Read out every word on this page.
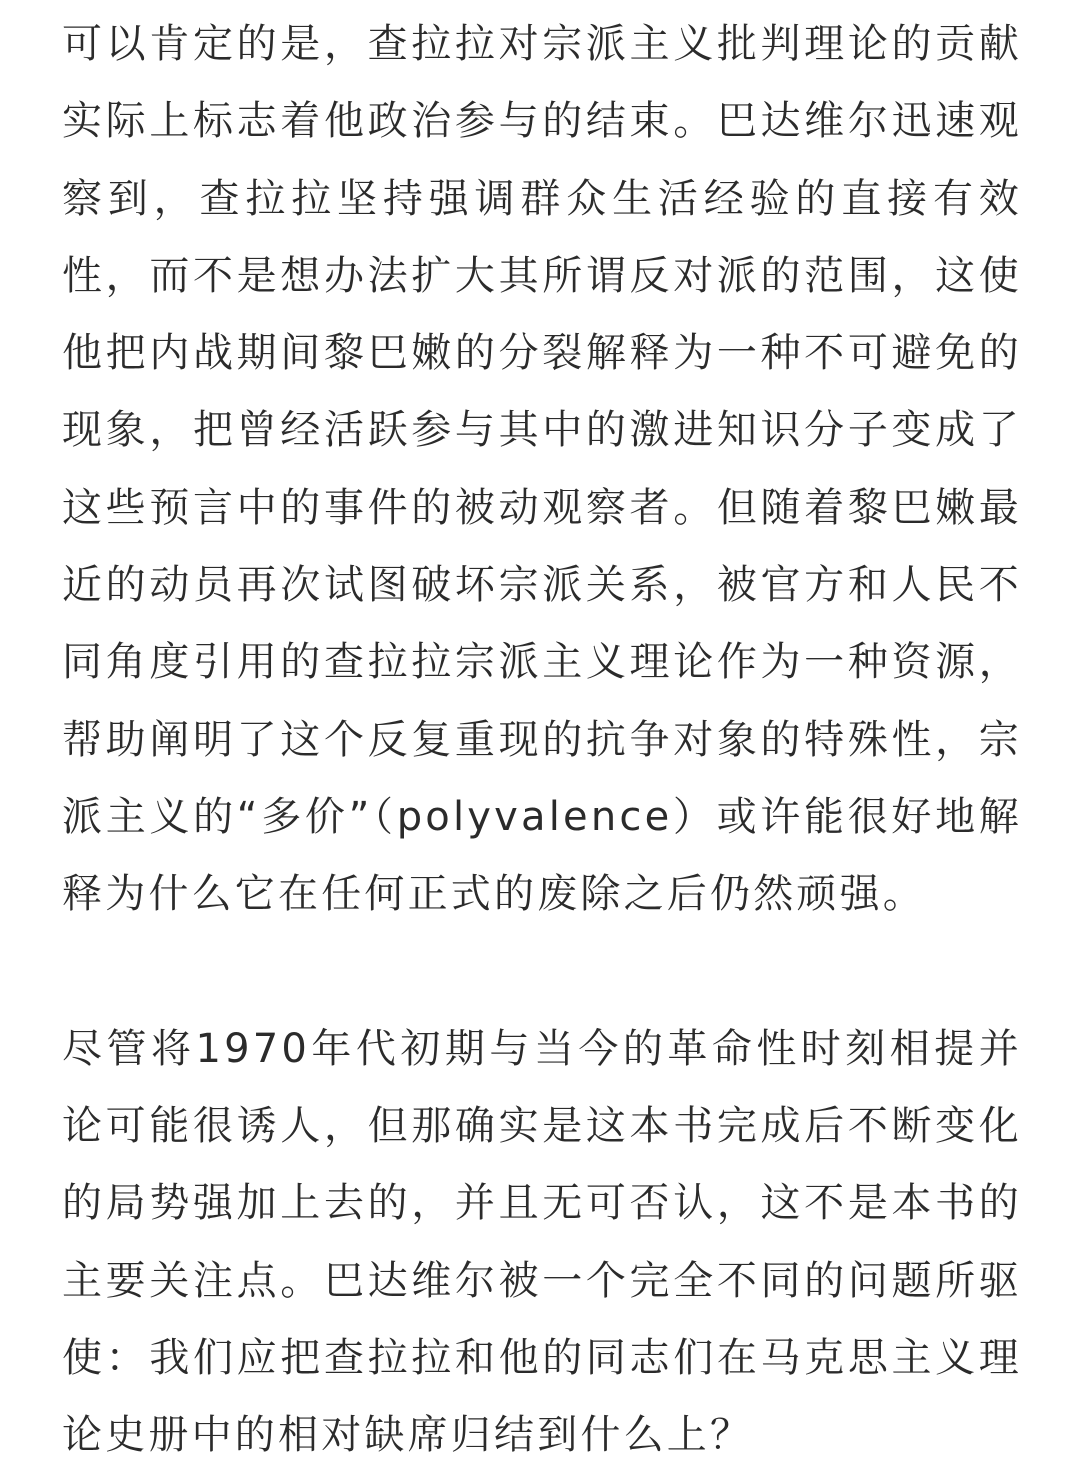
可以肯定的是，查拉拉对宗派主义批判理论的贡献实际上标志着他政治参与的结束。巴达维尔迅速观察到，查拉拉坚持强调群众生活经验的直接有效性，而不是想办法扩大其所谓反对派的范围，这使他把内战期间黎巴嫩的分裂解释为一种不可避免的现象，把曾经活跃参与其中的激进知识分子变成了这些预言中的事件的被动观察者。但随着黎巴嫩最近的动员再次试图破坏宗派关系，被官方和人民不同角度引用的查拉拉宗派主义理论作为一种资源，帮助阐明了这个反复重现的抗争对象的特殊性，宗派主义的“多价”（polyvalence）或许能很好地解释为什么它在任何正式的废除之后仍然顽强。

尽管将1970年代初期与当今的革命性时刻相提并论可能很诱人，但那确实是这本书完成后不断变化的局势强加上去的，并且无可否认，这不是本书的主要关注点。巴达维尔被一个完全不同的问题所驱使：我们应把查拉拉和他的同志们在马克思主义理论史册中的相对缺席归结到什么上？
